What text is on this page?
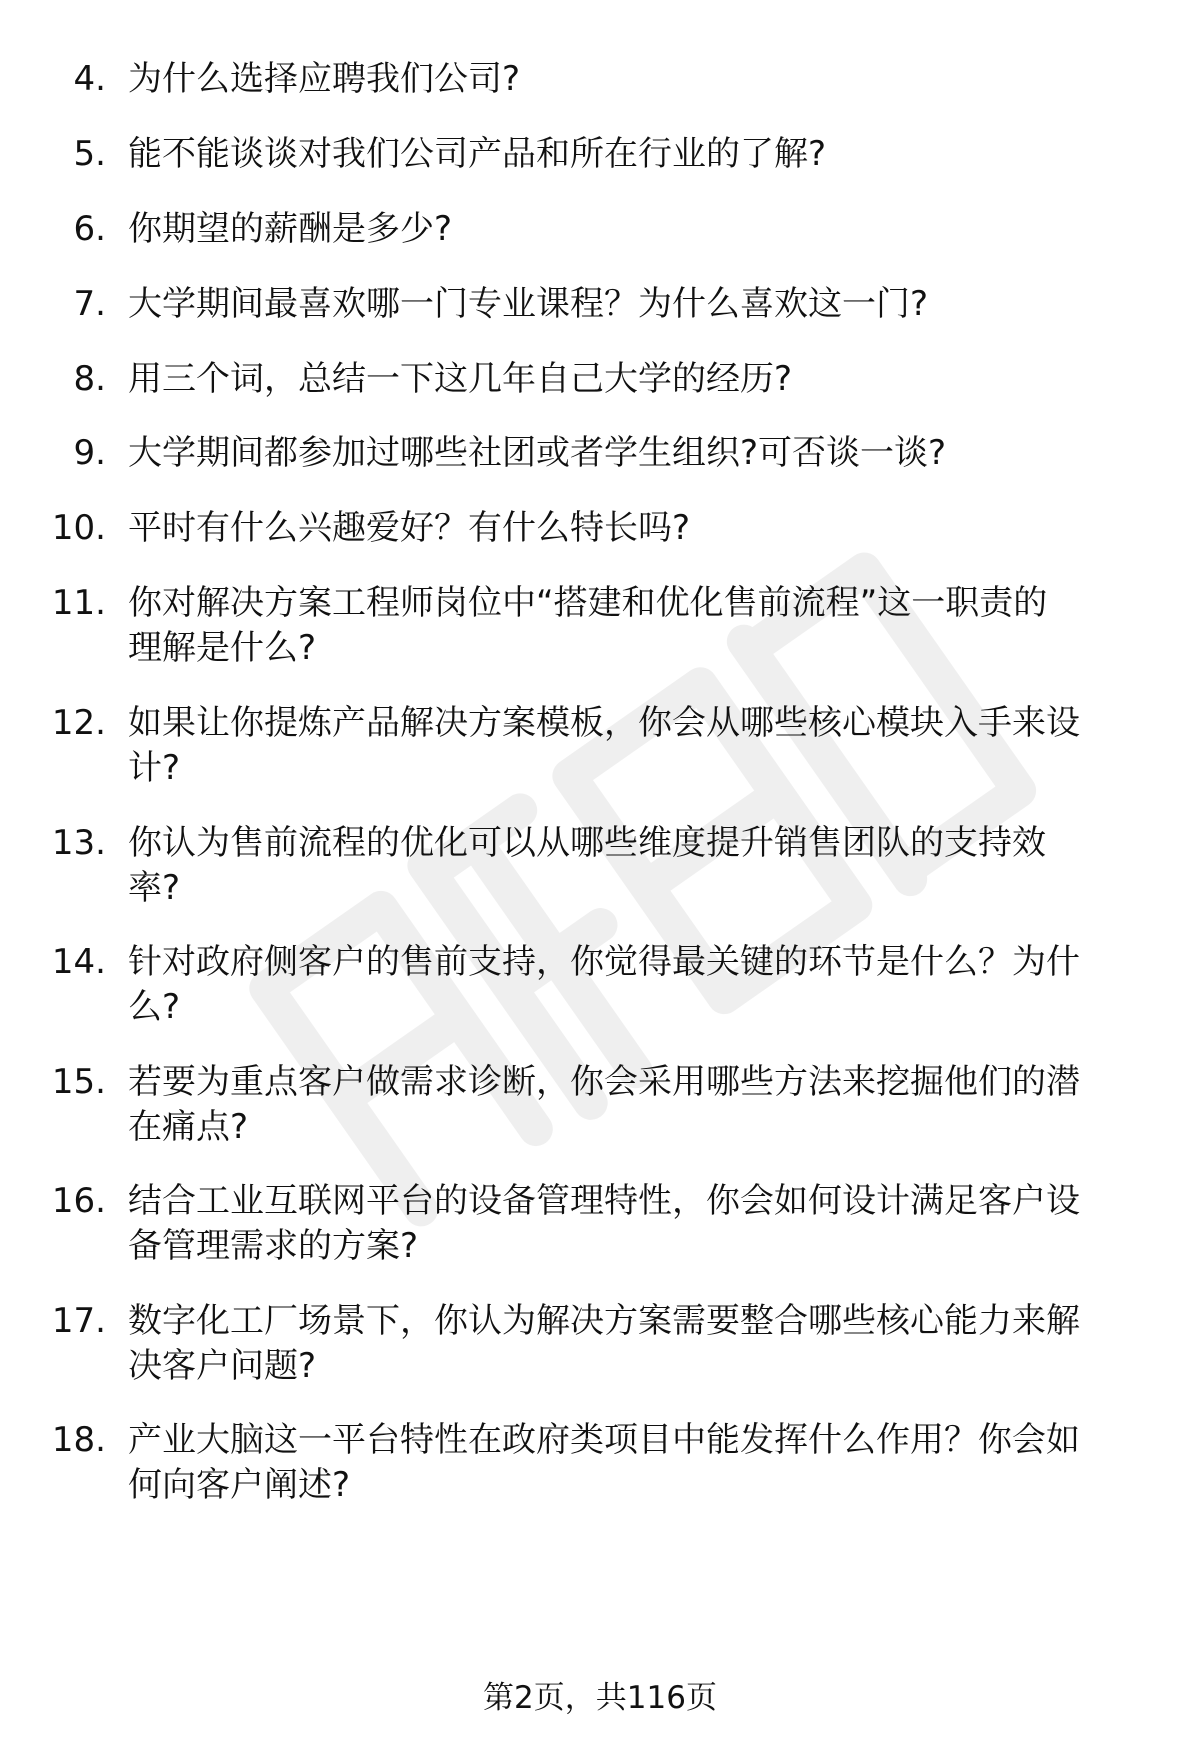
4. 为什么选择应聘我们公司?
5. 能不能谈谈对我们公司产品和所在行业的了解?
6. 你期望的薪酬是多少?
7. 大学期间最喜欢哪一门专业课程？为什么喜欢这一门?
8. 用三个词，总结一下这几年自己大学的经历?
9. 大学期间都参加过哪些社团或者学生组织?可否谈一谈?
10. 平时有什么兴趣爱好？有什么特长吗?
11. 你对解决方案工程师岗位中“搭建和优化售前流程”这一职责的
理解是什么?
12. 如果让你提炼产品解决方案模板，你会从哪些核心模块入手来设
计?
13. 你认为售前流程的优化可以从哪些维度提升销售团队的支持效
率?
14. 针对政府侧客户的售前支持，你觉得最关键的环节是什么？为什
么?
15. 若要为重点客户做需求诊断，你会采用哪些方法来挖掘他们的潜
在痛点?
16. 结合工业互联网平台的设备管理特性，你会如何设计满足客户设
备管理需求的方案?
17. 数字化工厂场景下，你认为解决方案需要整合哪些核心能力来解
决客户问题?
18. 产业大脑这一平台特性在政府类项目中能发挥什么作用？你会如
何向客户阐述?
第2页，共116页
